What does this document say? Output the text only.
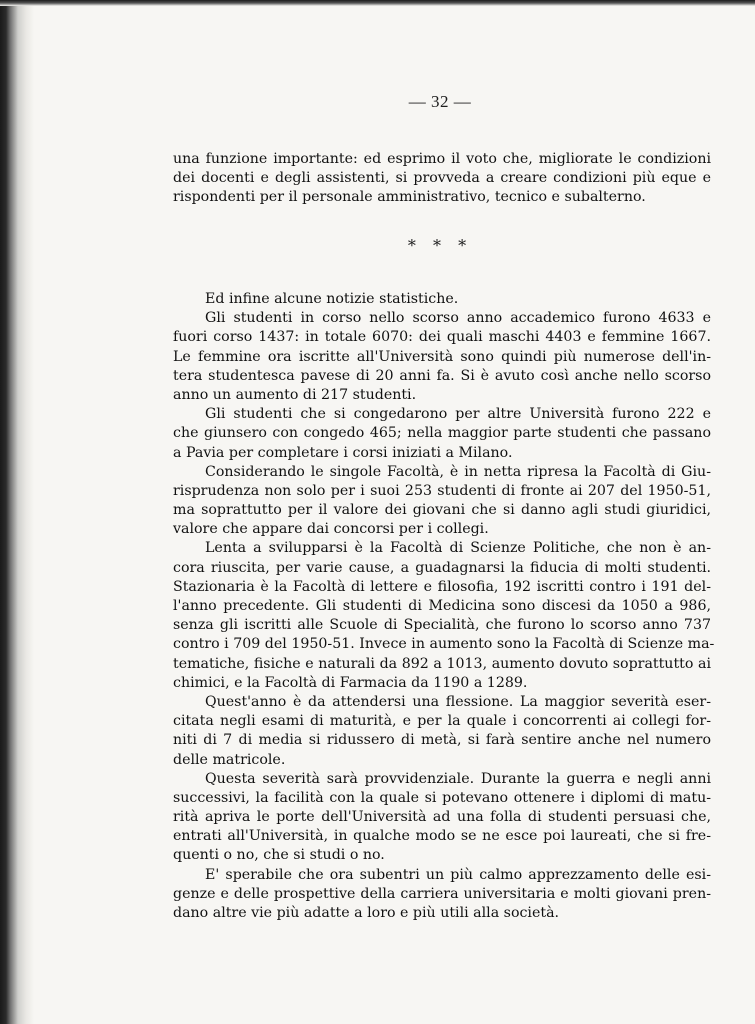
— 32 —
una funzione importante: ed esprimo il voto che, migliorate le condizioni
dei docenti e degli assistenti, si provveda a creare condizioni più eque e
rispondenti per il personale amministrativo, tecnico e subalterno.
* * *
Ed infine alcune notizie statistiche.
Gli studenti in corso nello scorso anno accademico furono 4633 e
fuori corso 1437: in totale 6070: dei quali maschi 4403 e femmine 1667.
Le femmine ora iscritte all'Università sono quindi più numerose dell'in-
tera studentesca pavese di 20 anni fa. Si è avuto così anche nello scorso
anno un aumento di 217 studenti.
Gli studenti che si congedarono per altre Università furono 222 e
che giunsero con congedo 465; nella maggior parte studenti che passano
a Pavia per completare i corsi iniziati a Milano.
Considerando le singole Facoltà, è in netta ripresa la Facoltà di Giu-
risprudenza non solo per i suoi 253 studenti di fronte ai 207 del 1950-51,
ma soprattutto per il valore dei giovani che si danno agli studi giuridici,
valore che appare dai concorsi per i collegi.
Lenta a svilupparsi è la Facoltà di Scienze Politiche, che non è an-
cora riuscita, per varie cause, a guadagnarsi la fiducia di molti studenti.
Stazionaria è la Facoltà di lettere e filosofia, 192 iscritti contro i 191 del-
l'anno precedente. Gli studenti di Medicina sono discesi da 1050 a 986,
senza gli iscritti alle Scuole di Specialità, che furono lo scorso anno 737
contro i 709 del 1950-51. Invece in aumento sono la Facoltà di Scienze ma-
tematiche, fisiche e naturali da 892 a 1013, aumento dovuto soprattutto ai
chimici, e la Facoltà di Farmacia da 1190 a 1289.
Quest'anno è da attendersi una flessione. La maggior severità eser-
citata negli esami di maturità, e per la quale i concorrenti ai collegi for-
niti di 7 di media si ridussero di metà, si farà sentire anche nel numero
delle matricole.
Questa severità sarà provvidenziale. Durante la guerra e negli anni
successivi, la facilità con la quale si potevano ottenere i diplomi di matu-
rità apriva le porte dell'Università ad una folla di studenti persuasi che,
entrati all'Università, in qualche modo se ne esce poi laureati, che si fre-
quenti o no, che si studi o no.
E' sperabile che ora subentri un più calmo apprezzamento delle esi-
genze e delle prospettive della carriera universitaria e molti giovani pren-
dano altre vie più adatte a loro e più utili alla società.
